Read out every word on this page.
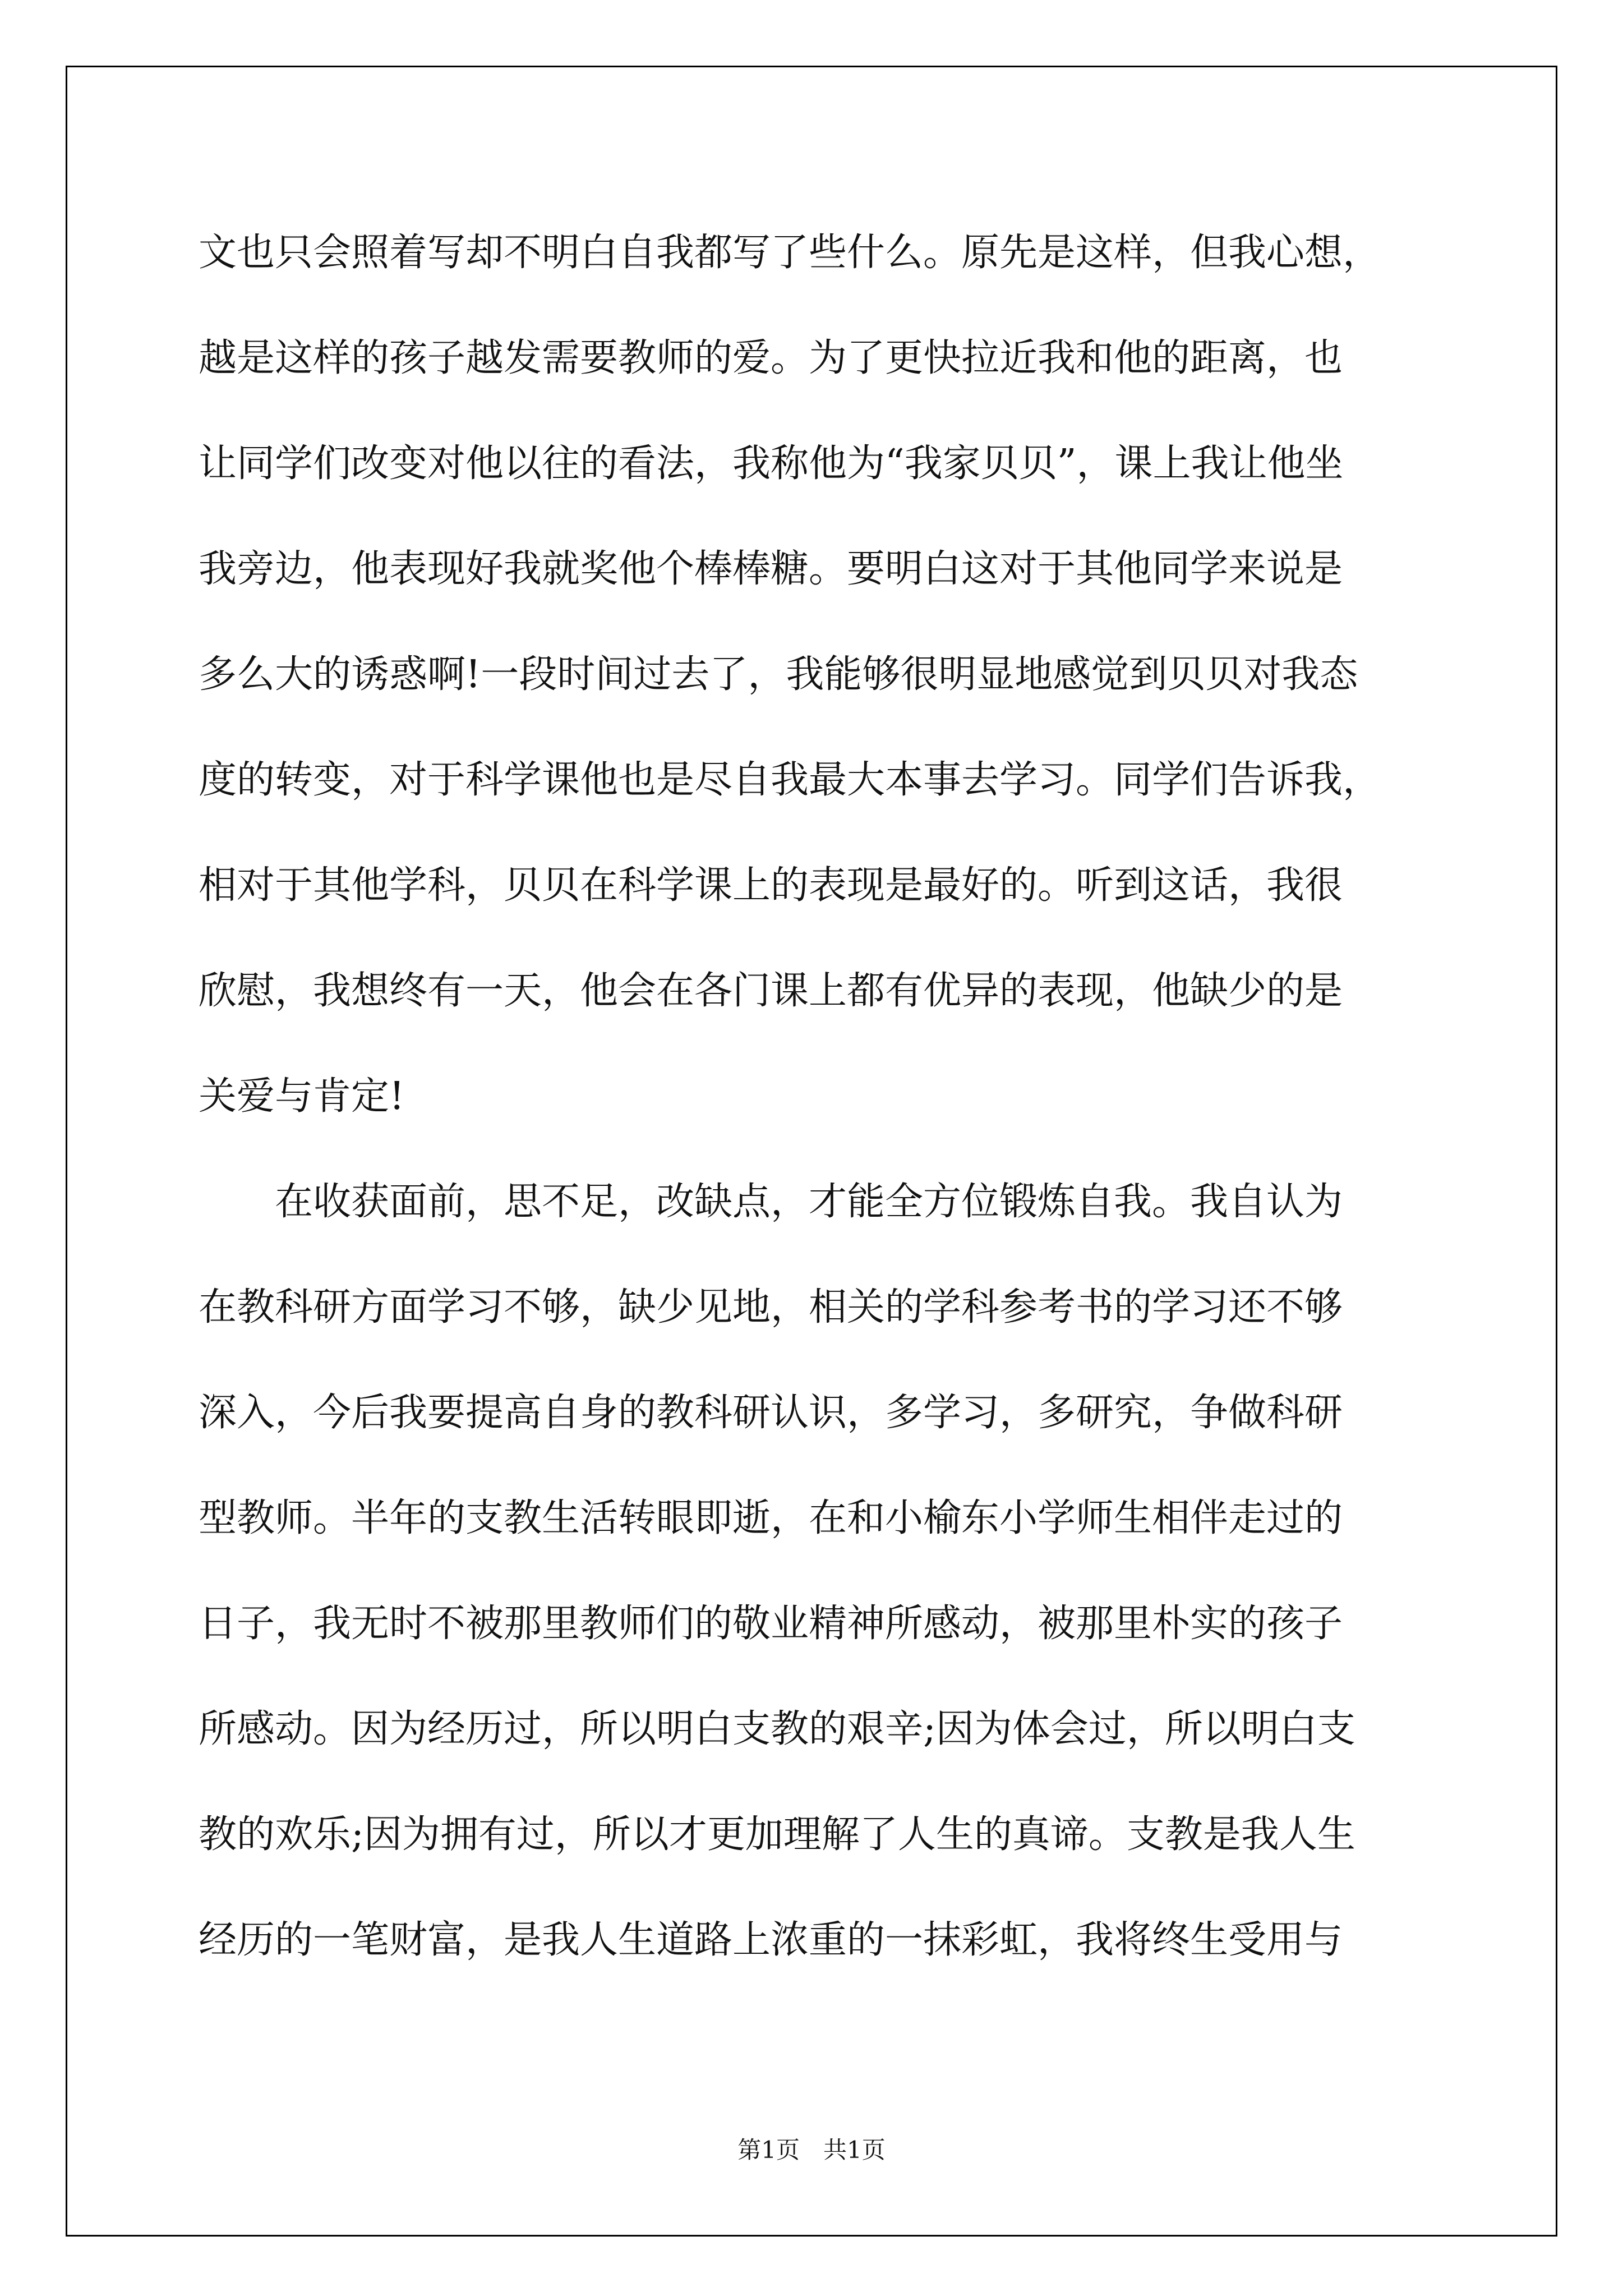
文也只会照着写却不明白自我都写了些什么。原先是这样，但我心想，
越是这样的孩子越发需要教师的爱。为了更快拉近我和他的距离，也
让同学们改变对他以往的看法，我称他为“我家贝贝”，课上我让他坐
我旁边，他表现好我就奖他个棒棒糖。要明白这对于其他同学来说是
多么大的诱惑啊!一段时间过去了，我能够很明显地感觉到贝贝对我态
度的转变，对于科学课他也是尽自我最大本事去学习。同学们告诉我，
相对于其他学科，贝贝在科学课上的表现是最好的。听到这话，我很
欣慰，我想终有一天，他会在各门课上都有优异的表现，他缺少的是
关爱与肯定!
在收获面前，思不足，改缺点，才能全方位锻炼自我。我自认为
在教科研方面学习不够，缺少见地，相关的学科参考书的学习还不够
深入，今后我要提高自身的教科研认识，多学习，多研究，争做科研
型教师。半年的支教生活转眼即逝，在和小榆东小学师生相伴走过的
日子，我无时不被那里教师们的敬业精神所感动，被那里朴实的孩子
所感动。因为经历过，所以明白支教的艰辛;因为体会过，所以明白支
教的欢乐;因为拥有过，所以才更加理解了人生的真谛。支教是我人生
经历的一笔财富，是我人生道路上浓重的一抹彩虹，我将终生受用与
第1页　共1页
